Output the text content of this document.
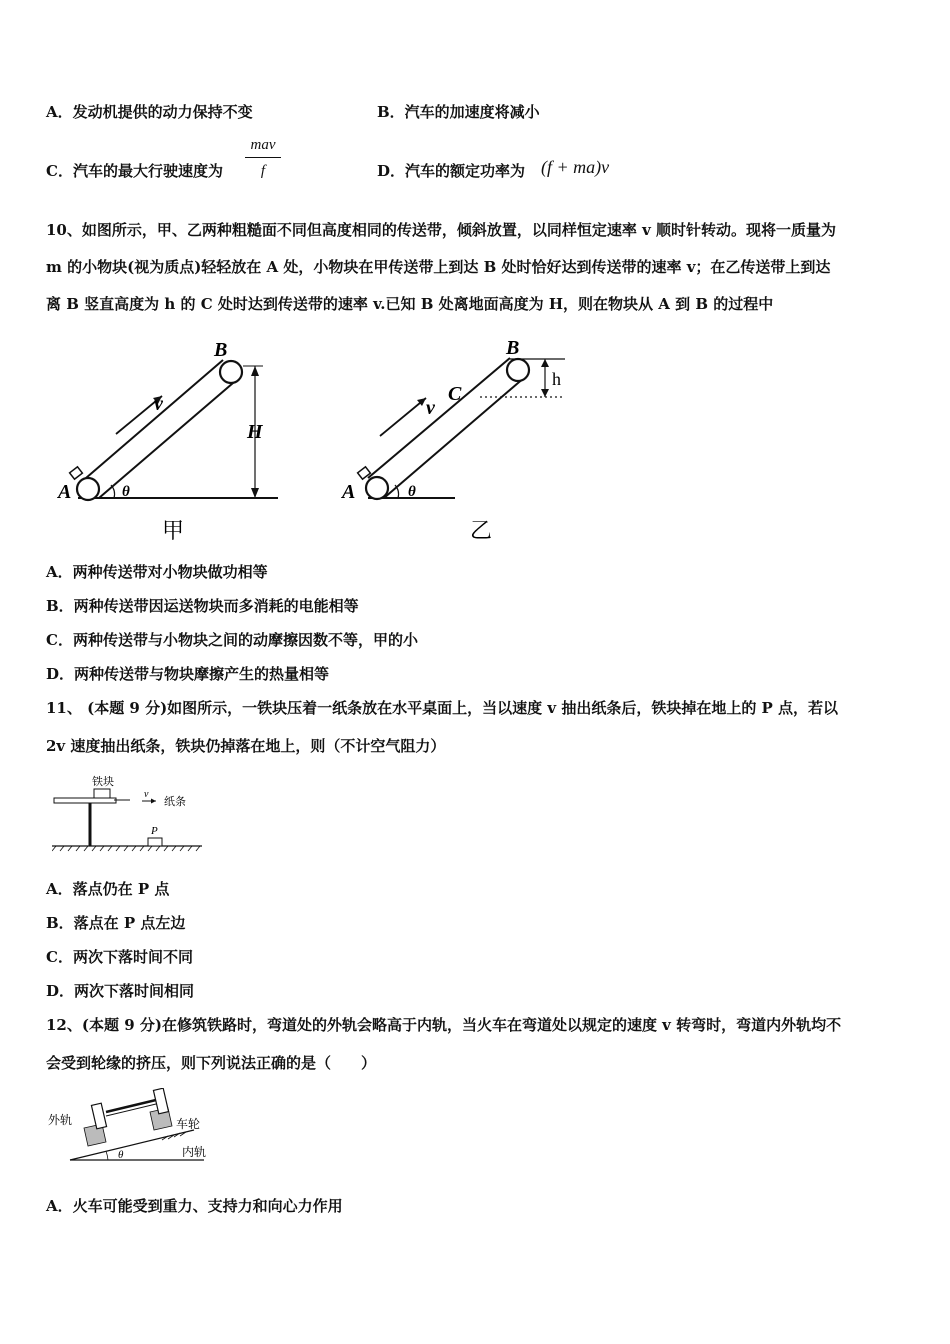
A．发动机提供的动力保持不变	B．汽车的加速度将减小
C．汽车的最大行驶速度为
mav
f	D．汽车的额定功率为 (f + ma)v
10、如图所示，甲、乙两种粗糙面不同但高度相同的传送带，倾斜放置，以同样恒定速率 v 顺时针转动。现将一质量为
m 的小物块(视为质点)轻轻放在 A 处，小物块在甲传送带上到达 B 处时恰好达到传送带的速率 v；在乙传送带上到达
离 B 竖直高度为 h 的 C 处时达到传送带的速率 v.已知 B 处离地面高度为 H，则在物块从 A 到 B 的过程中
B
A
v
θ
H
甲
B
C
h
A
v
θ
乙
A．两种传送带对小物块做功相等
B．两种传送带因运送物块而多消耗的电能相等
C．两种传送带与小物块之间的动摩擦因数不等，甲的小
D．两种传送带与物块摩擦产生的热量相等
11、 (本题 9 分)如图所示，一铁块压着一纸条放在水平桌面上，当以速度 v 抽出纸条后，铁块掉在地上的 P 点，若以
2v 速度抽出纸条，铁块仍掉落在地上，则（不计空气阻力）
铁块
v
纸条
P
A．落点仍在 P 点
B．落点在 P 点左边
C．两次下落时间不同
D．两次下落时间相同
12、(本题 9 分)在修筑铁路时，弯道处的外轨会略高于内轨，当火车在弯道处以规定的速度 v 转弯时，弯道内外轨均不
会受到轮缘的挤压，则下列说法正确的是（　　）
外轨	车轮
内轨
θ
A．火车可能受到重力、支持力和向心力作用
